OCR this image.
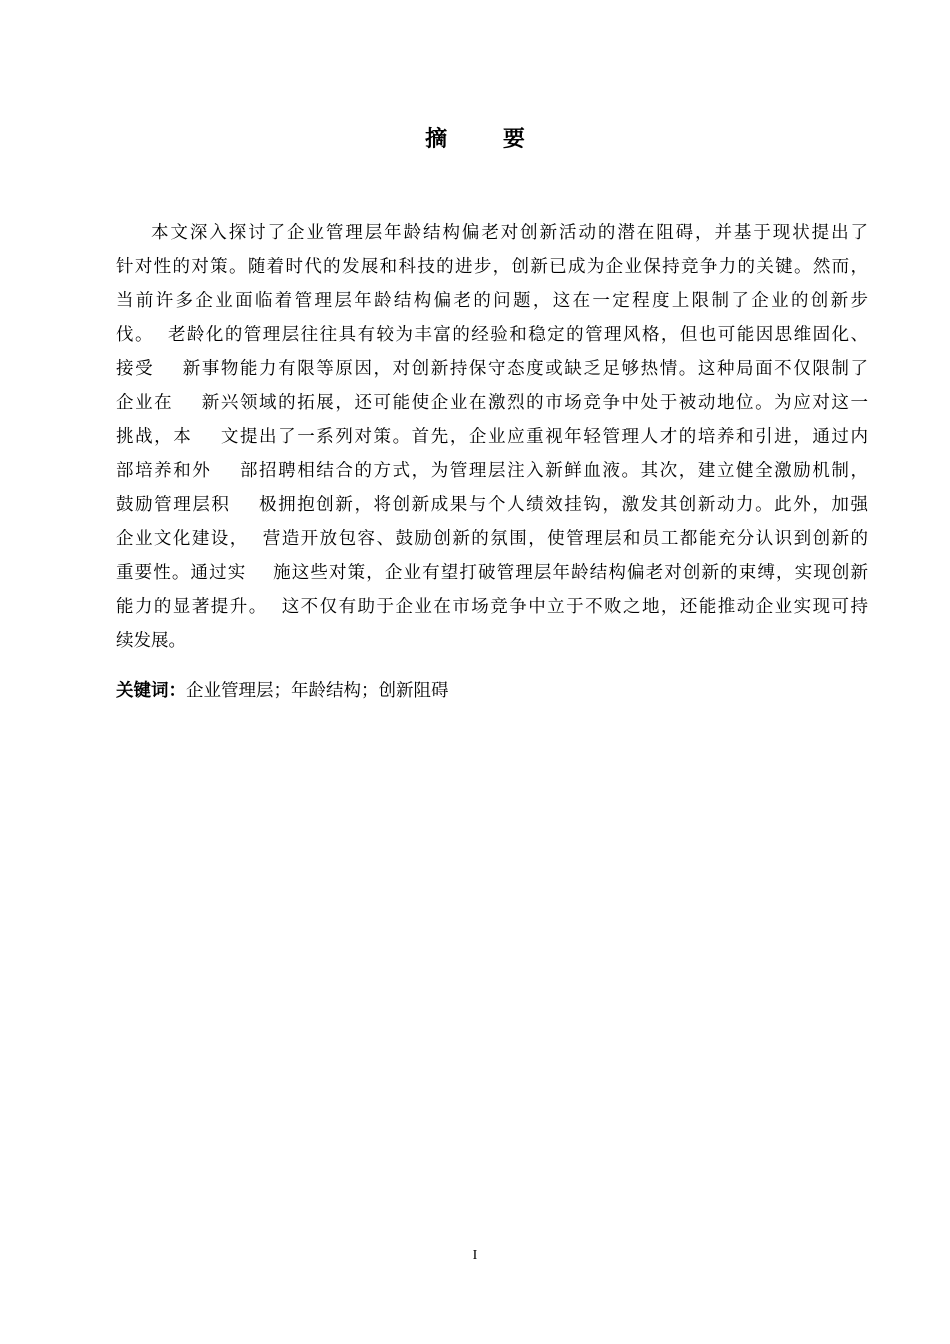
摘 要
本文深入探讨了企业管理层年龄结构偏老对创新活动的潜在阻碍，并基于现状提出了
针对性的对策。随着时代的发展和科技的进步，创新已成为企业保持竞争力的关键。然而，
当前许多企业面临着管理层年龄结构偏老的问题，这在一定程度上限制了企业的创新步
伐。  老龄化的管理层往往具有较为丰富的经验和稳定的管理风格，但也可能因思维固化、
接受    新事物能力有限等原因，对创新持保守态度或缺乏足够热情。这种局面不仅限制了
企业在    新兴领域的拓展，还可能使企业在激烈的市场竞争中处于被动地位。为应对这一
挑战，本    文提出了一系列对策。首先，企业应重视年轻管理人才的培养和引进，通过内
部培养和外    部招聘相结合的方式，为管理层注入新鲜血液。其次，建立健全激励机制，
鼓励管理层积    极拥抱创新，将创新成果与个人绩效挂钩，激发其创新动力。此外，加强
企业文化建设，  营造开放包容、鼓励创新的氛围，使管理层和员工都能充分认识到创新的
重要性。通过实    施这些对策，企业有望打破管理层年龄结构偏老对创新的束缚，实现创新
能力的显著提升。  这不仅有助于企业在市场竞争中立于不败之地，还能推动企业实现可持
续发展。
关键词：企业管理层；年龄结构；创新阻碍
I
